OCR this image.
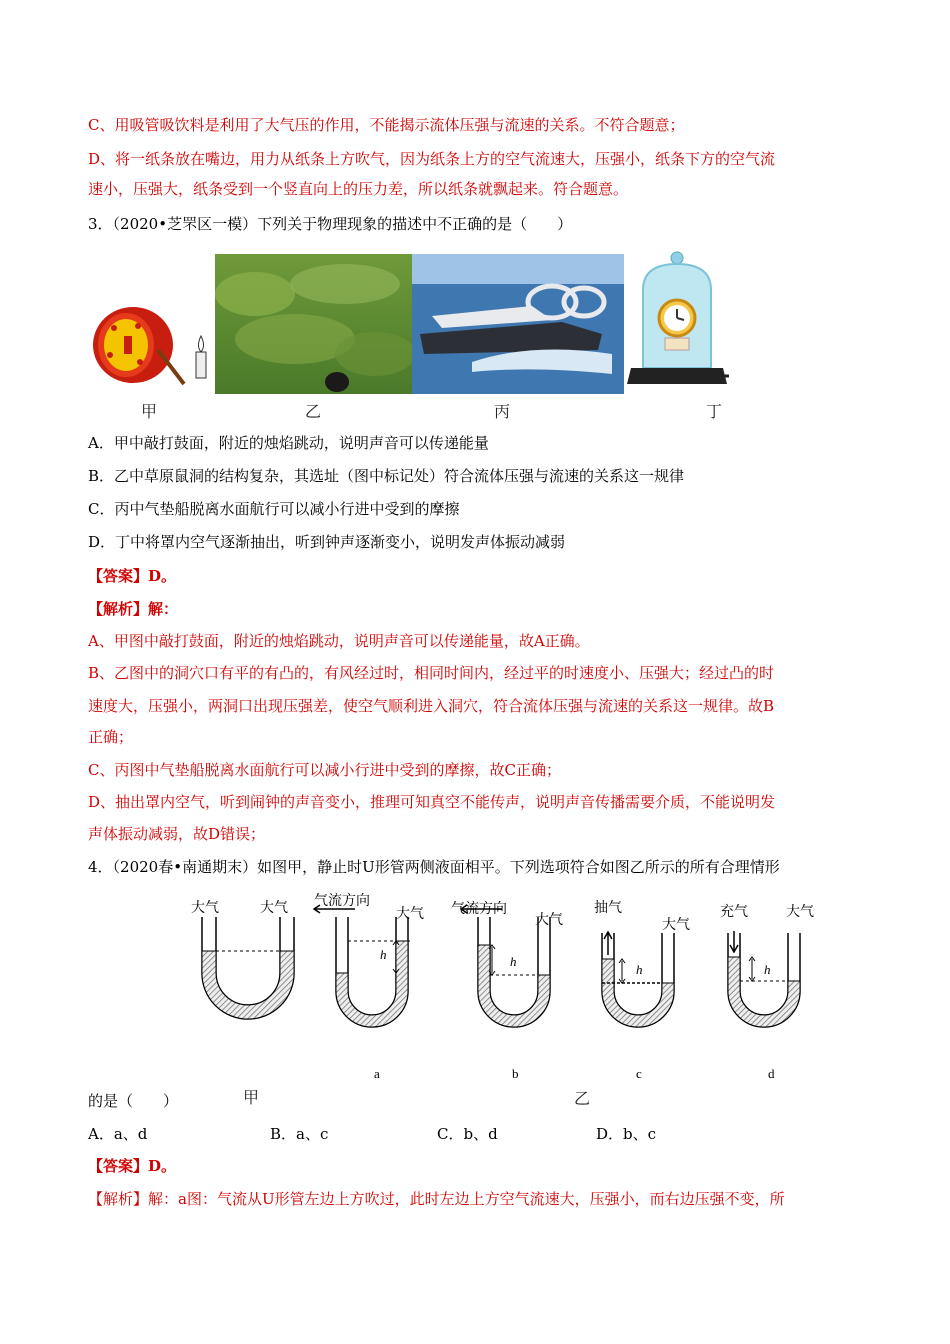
C、用吸管吸饮料是利用了大气压的作用，不能揭示流体压强与流速的关系。不符合题意；
D、将一纸条放在嘴边，用力从纸条上方吹气，因为纸条上方的空气流速大，压强小，纸条下方的空气流
速小，压强大，纸条受到一个竖直向上的压力差，所以纸条就飘起来。符合题意。
3．（2020•芝罘区一模）下列关于物理现象的描述中不正确的是（　　）
甲	乙	丙	丁
A．甲中敲打鼓面，附近的烛焰跳动，说明声音可以传递能量
B．乙中草原鼠洞的结构复杂，其选址（图中标记处）符合流体压强与流速的关系这一规律
C．丙中气垫船脱离水面航行可以减小行进中受到的摩擦
D．丁中将罩内空气逐渐抽出，听到钟声逐渐变小，说明发声体振动减弱
【答案】D。
【解析】解：
A、甲图中敲打鼓面，附近的烛焰跳动，说明声音可以传递能量，故A正确。
B、乙图中的洞穴口有平的有凸的，有风经过时，相同时间内，经过平的时速度小、压强大；经过凸的时
速度大，压强小，两洞口出现压强差，使空气顺利进入洞穴，符合流体压强与流速的关系这一规律。故B
正确；
C、丙图中气垫船脱离水面航行可以减小行进中受到的摩擦，故C正确；
D、抽出罩内空气，听到闹钟的声音变小，推理可知真空不能传声，说明声音传播需要介质，不能说明发
声体振动减弱，故D错误；
4．（2020春•南通期末）如图甲，静止时U形管两侧液面相平。下列选项符合如图乙所示的所有合理情形
大气	大气 气流方向
大气 气流方向
大气
抽气
大气
充气	大气
h	h
h	h
a	b	c	d
甲	乙
的是（　　）
A．a、d	B．a、c	C．b、d	D．b、c
【答案】D。
【解析】解：a图：气流从U形管左边上方吹过，此时左边上方空气流速大，压强小，而右边压强不变，所
